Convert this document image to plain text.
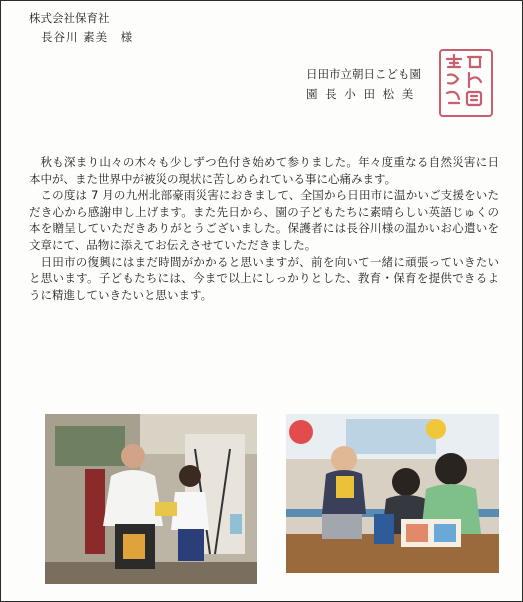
株式会社保育社
長谷川 素美　様
日田市立朝日こども園
園 長 小 田 松 美

秋も深まり山々の木々も少しずつ色付き始めて参りました。年々度重なる自然災害に日本中が、また世界中が被災の現状に苦しめられている事に心痛みます。

この度は 7 月の九州北部豪雨災害におきまして、全国から日田市に温かいご支援をいただき心から感謝申し上げます。また先日から、園の子どもたちに素晴らしい英語じゅくの本を贈呈していただきありがとうございました。保護者には長谷川様の温かいお心遣いを文章にて、品物に添えてお伝えさせていただきました。

日田市の復興にはまだ時間がかかると思いますが、前を向いて一緒に頑張っていきたいと思います。子どもたちには、今まで以上にしっかりとした、教育・保育を提供できるように精進していきたいと思います。
